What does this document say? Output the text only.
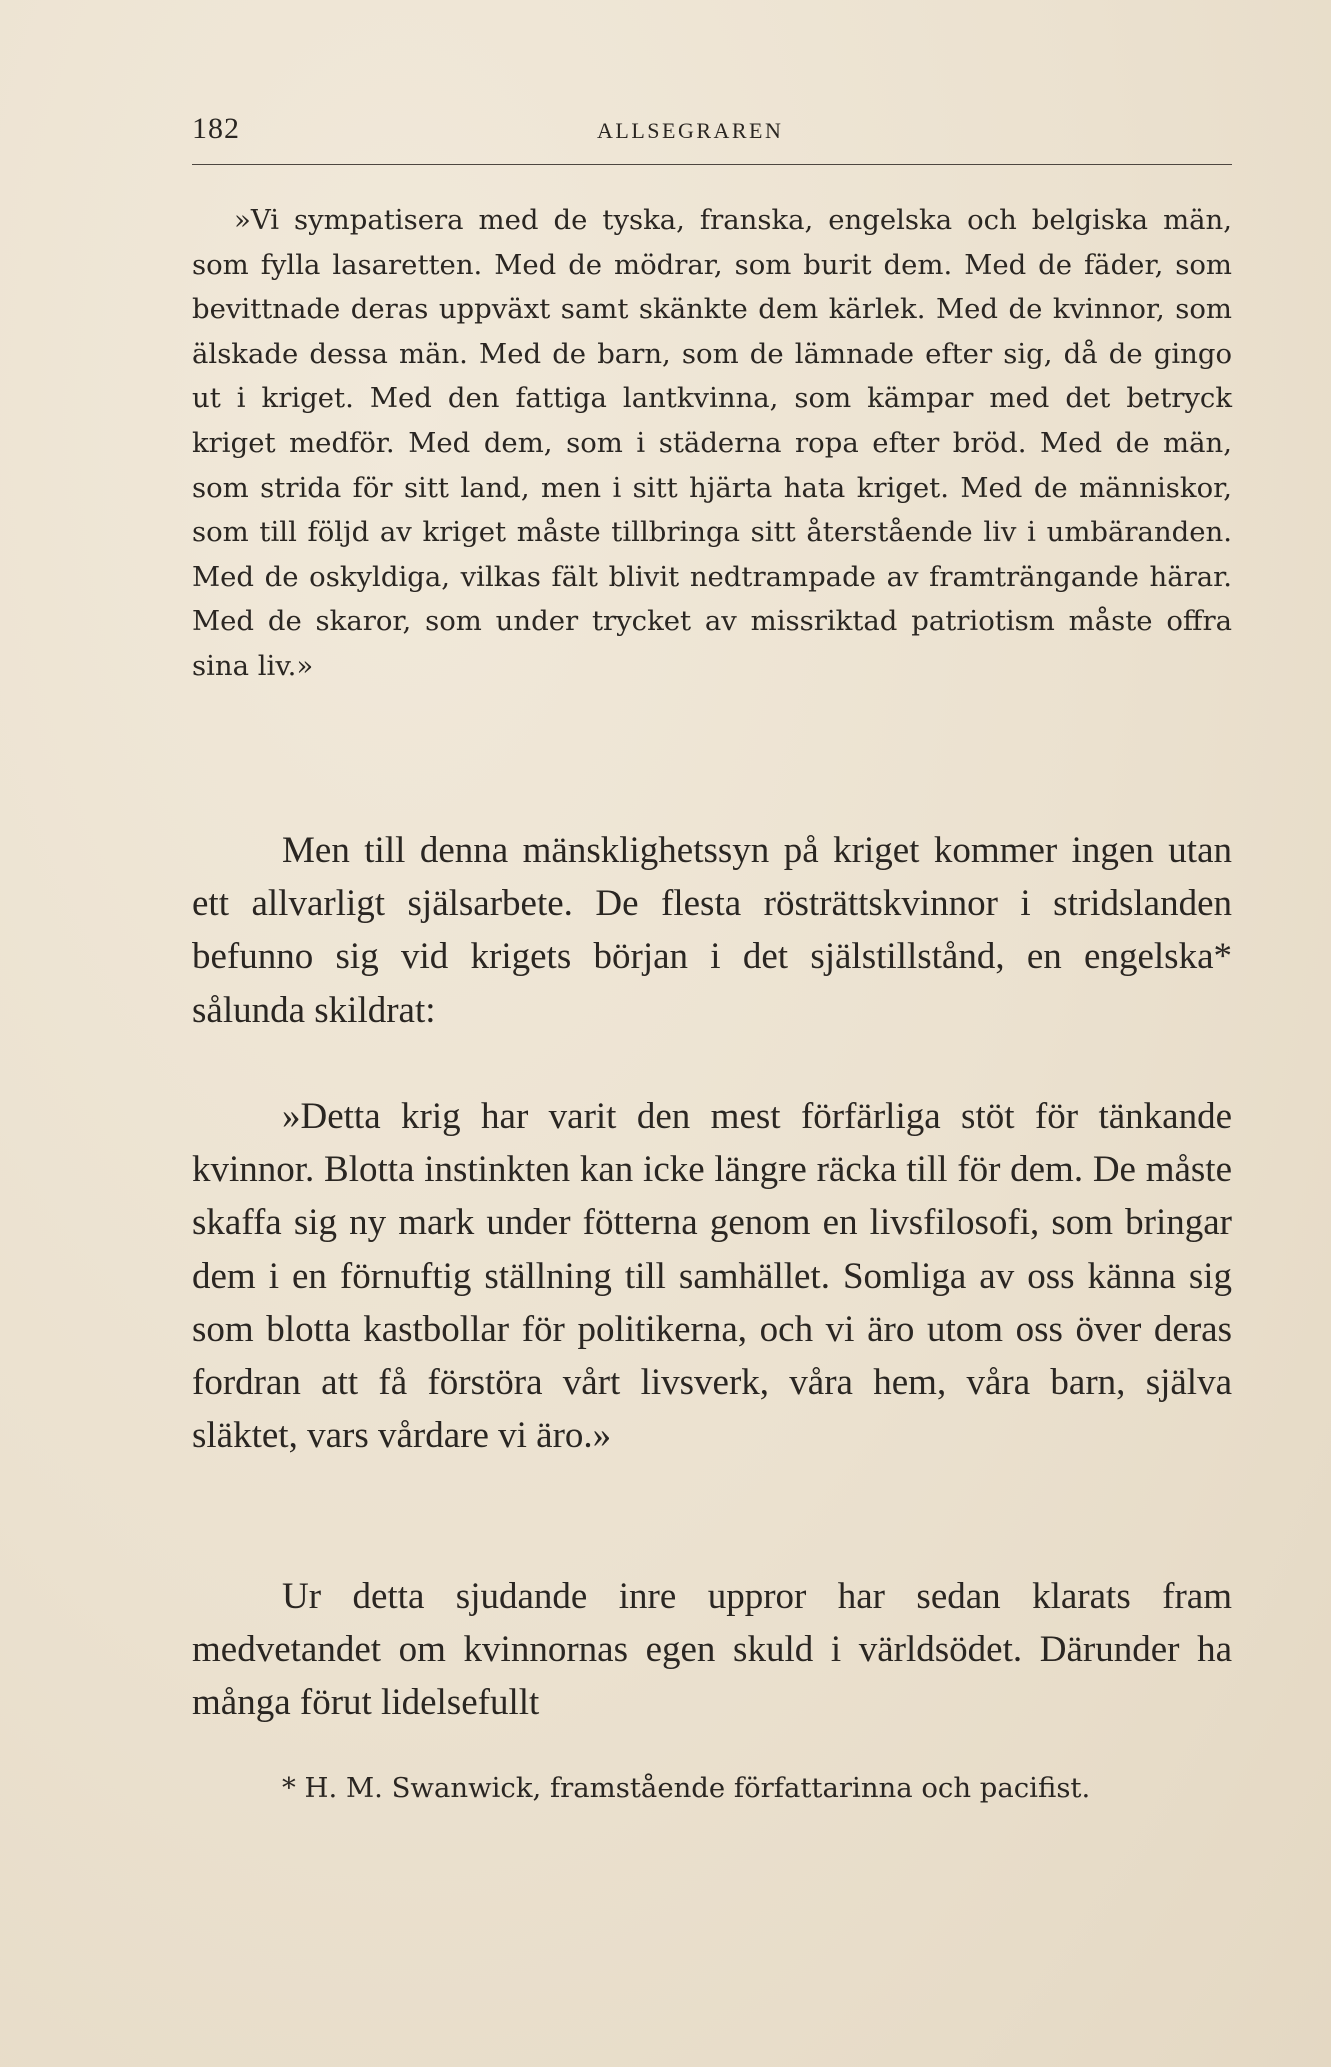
182	ALLSEGRAREN

»Vi sympatisera med de tyska, franska, engelska och belgiska män, som fylla lasaretten. Med de mödrar, som burit dem. Med de fäder, som bevittnade deras uppväxt samt skänkte dem kärlek. Med de kvinnor, som älskade dessa män. Med de barn, som de lämnade efter sig, då de gingo ut i kriget. Med den fattiga lantkvinna, som kämpar med det betryck kriget medför. Med dem, som i städerna ropa efter bröd. Med de män, som strida för sitt land, men i sitt hjärta hata kriget. Med de människor, som till följd av kriget måste tillbringa sitt återstående liv i umbäranden. Med de oskyldiga, vilkas fält blivit nedtrampade av framträngande härar. Med de skaror, som under trycket av missriktad patriotism måste offra sina liv.»

Men till denna mänsklighetssyn på kriget kommer ingen utan ett allvarligt själsarbete. De flesta rösträttskvinnor i stridslanden befunno sig vid krigets början i det själstillstånd, en engelska* sålunda skildrat:

»Detta krig har varit den mest förfärliga stöt för tänkande kvinnor. Blotta instinkten kan icke längre räcka till för dem. De måste skaffa sig ny mark under fötterna genom en livsfilosofi, som bringar dem i en förnuftig ställning till samhället. Somliga av oss känna sig som blotta kastbollar för politikerna, och vi äro utom oss över deras fordran att få förstöra vårt livsverk, våra hem, våra barn, själva släktet, vars vårdare vi äro.»

Ur detta sjudande inre uppror har sedan klarats fram medvetandet om kvinnornas egen skuld i världsödet. Därunder ha många förut lidelsefullt

* H. M. Swanwick, framstående författarinna och pacifist.
